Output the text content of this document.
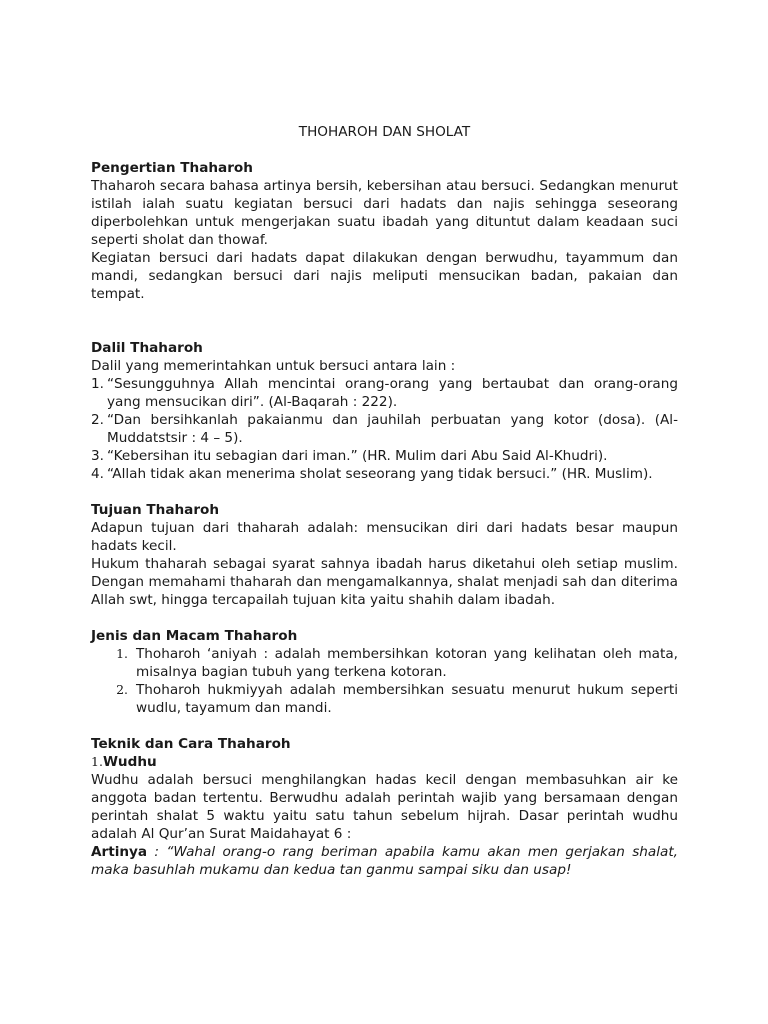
THOHAROH DAN SHOLAT
Pengertian Thaharoh

Thaharoh secara bahasa artinya bersih, kebersihan atau bersuci. Sedangkan menurut istilah ialah suatu kegiatan bersuci dari hadats dan najis sehingga seseorang diperbolehkan untuk mengerjakan suatu ibadah yang dituntut dalam keadaan suci seperti sholat dan thowaf.

Kegiatan bersuci dari hadats dapat dilakukan dengan berwudhu, tayammum dan mandi, sedangkan bersuci dari najis meliputi mensucikan badan, pakaian dan tempat.

Dalil Thaharoh

Dalil yang memerintahkan untuk bersuci antara lain :

1. “Sesungguhnya Allah mencintai orang-orang yang bertaubat dan orang-orang yang mensucikan diri”. (Al-Baqarah : 222).
2. “Dan bersihkanlah pakaianmu dan jauhilah perbuatan yang kotor (dosa). (Al-Muddatstsir : 4 – 5).
3. “Kebersihan itu sebagian dari iman.” (HR. Mulim dari Abu Said Al-Khudri).
4. “Allah tidak akan menerima sholat seseorang yang tidak bersuci.” (HR. Muslim).
Tujuan Thaharoh

Adapun tujuan dari thaharah adalah: mensucikan diri dari hadats besar maupun hadats kecil.

Hukum thaharah sebagai syarat sahnya ibadah harus diketahui oleh setiap muslim. Dengan memahami thaharah dan mengamalkannya, shalat menjadi sah dan diterima Allah swt, hingga tercapailah tujuan kita yaitu shahih dalam ibadah.

Jenis dan Macam Thaharoh
1. Thoharoh ‘aniyah : adalah membersihkan kotoran yang kelihatan oleh mata, misalnya bagian tubuh yang terkena kotoran.
2. Thoharoh hukmiyyah adalah membersihkan sesuatu menurut hukum seperti wudlu, tayamum dan mandi.
Teknik dan Cara Thaharoh
1.Wudhu

Wudhu adalah bersuci menghilangkan hadas kecil dengan membasuhkan air ke anggota badan tertentu. Berwudhu adalah perintah wajib yang bersamaan dengan perintah shalat 5 waktu yaitu satu tahun sebelum hijrah. Dasar perintah wudhu adalah Al Qur’an Surat Maidahayat 6 :

Artinya : “Wahal orang-o rang beriman apabila kamu akan men gerjakan shalat, maka basuhlah mukamu dan kedua tan ganmu sampai siku dan usap!
